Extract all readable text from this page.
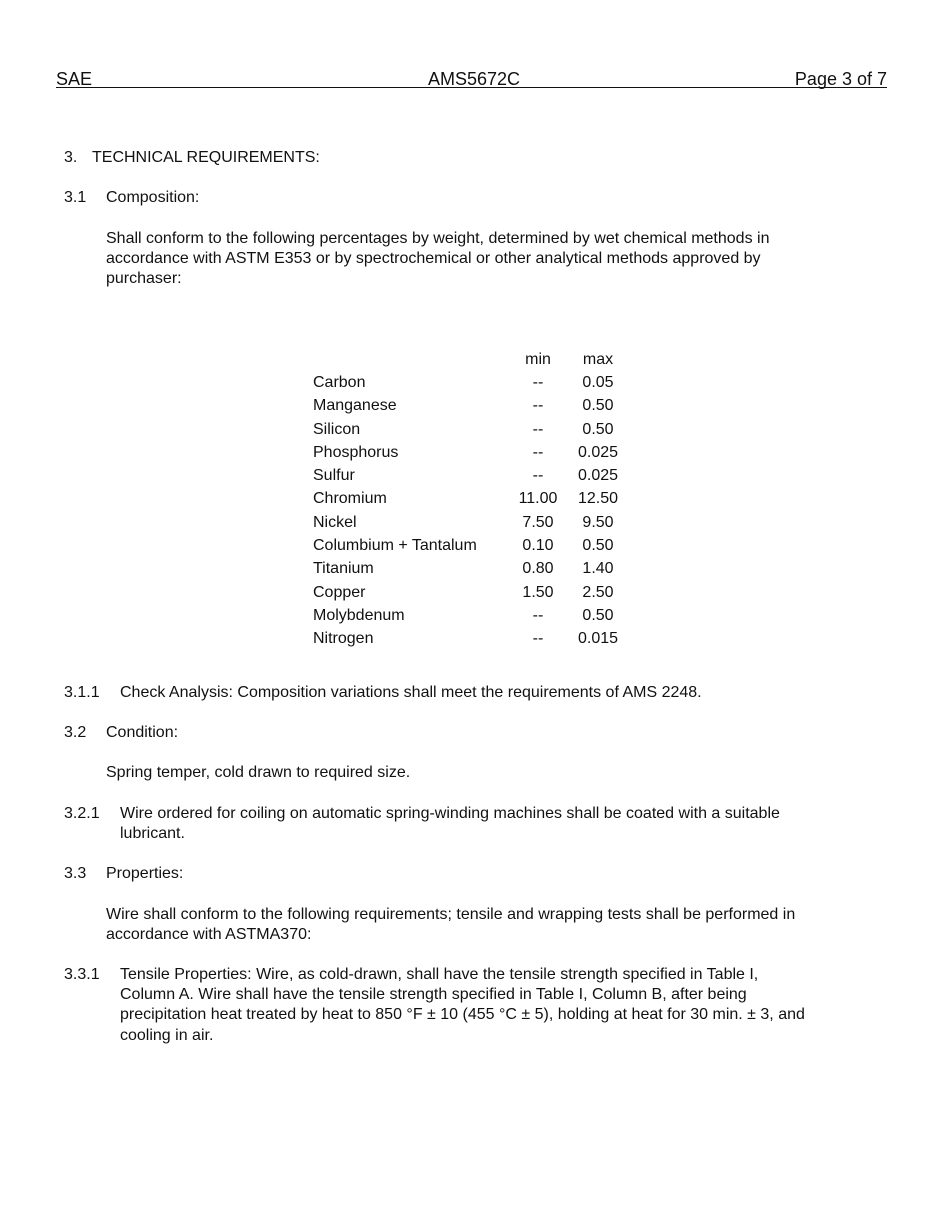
SAE	AMS5672C	Page 3 of 7
3. TECHNICAL REQUIREMENTS:
3.1 Composition:
Shall conform to the following percentages by weight, determined by wet chemical methods in
accordance with ASTM E353 or by spectrochemical or other analytical methods approved by
purchaser:
	min	max
Carbon	--	0.05
Manganese	--	0.50
Silicon	--	0.50
Phosphorus	--	0.025
Sulfur	--	0.025
Chromium	11.00	12.50
Nickel	7.50	9.50
Columbium + Tantalum	0.10	0.50
Titanium	0.80	1.40
Copper	1.50	2.50
Molybdenum	--	0.50
Nitrogen	--	0.015
3.1.1 Check Analysis: Composition variations shall meet the requirements of AMS 2248.
3.2 Condition:
Spring temper, cold drawn to required size.
3.2.1 Wire ordered for coiling on automatic spring-winding machines shall be coated with a suitable
lubricant.
3.3 Properties:
Wire shall conform to the following requirements; tensile and wrapping tests shall be performed in
accordance with ASTMA370:
3.3.1 Tensile Properties: Wire, as cold-drawn, shall have the tensile strength specified in Table I,
Column A. Wire shall have the tensile strength specified in Table I, Column B, after being
precipitation heat treated by heat to 850 °F ± 10 (455 °C ± 5), holding at heat for 30 min. ± 3, and
cooling in air.
